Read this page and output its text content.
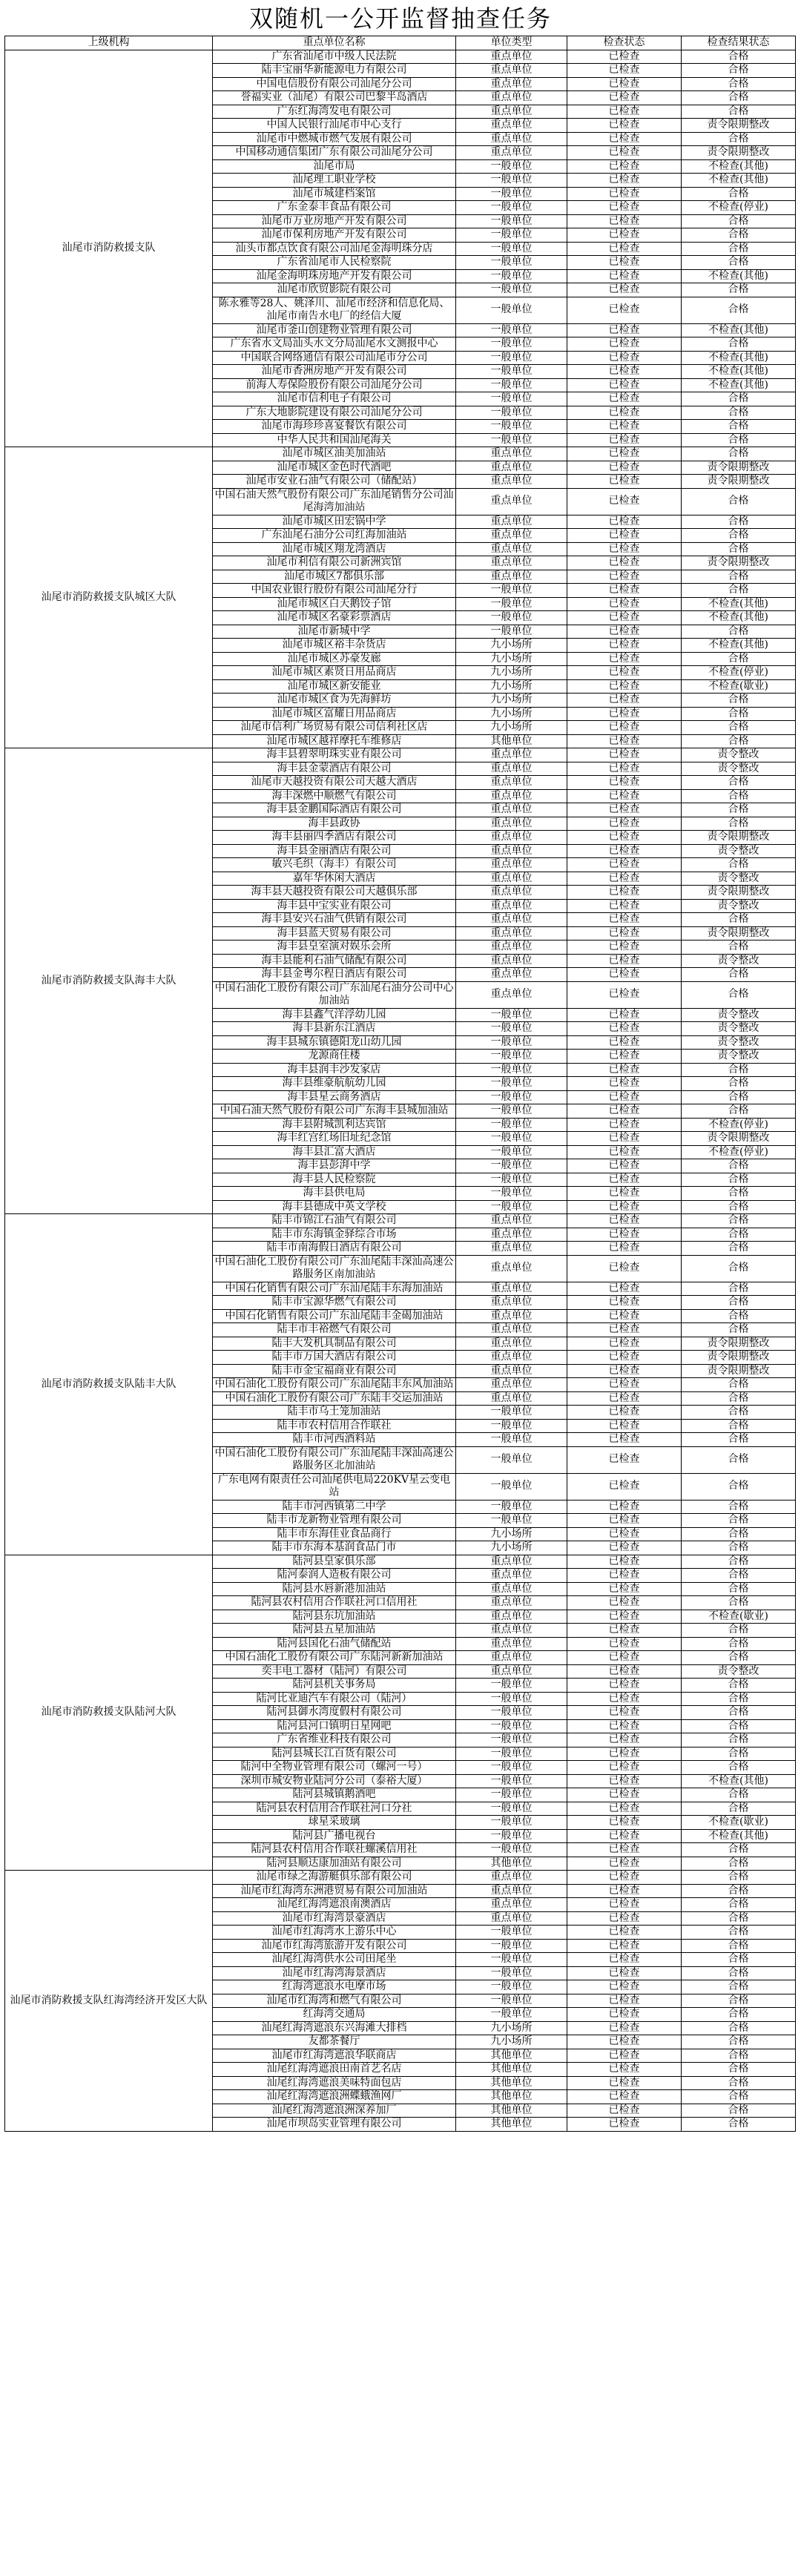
双随机一公开监督抽查任务
上级机构	重点单位名称	单位类型	检查状态	检查结果状态
汕尾市消防救援支队	广东省汕尾市中级人民法院	重点单位	已检查	合格
	陆丰宝丽华新能源电力有限公司	重点单位	已检查	合格
	中国电信股份有限公司汕尾分公司	重点单位	已检查	合格
	誉福实业（汕尾）有限公司巴黎半岛酒店	重点单位	已检查	合格
	广东红海湾发电有限公司	重点单位	已检查	合格
	中国人民银行汕尾市中心支行	重点单位	已检查	责令限期整改
	汕尾市中燃城市燃气发展有限公司	重点单位	已检查	合格
	中国移动通信集团广东有限公司汕尾分公司	重点单位	已检查	责令限期整改
	汕尾市局	一般单位	已检查	不检查(其他)
	汕尾理工职业学校	一般单位	已检查	不检查(其他)
	汕尾市城建档案馆	一般单位	已检查	合格
	广东金泰丰食品有限公司	一般单位	已检查	不检查(停业)
	汕尾市万业房地产开发有限公司	一般单位	已检查	合格
	汕尾市保利房地产开发有限公司	一般单位	已检查	合格
	汕头市都点饮食有限公司汕尾金海明珠分店	一般单位	已检查	合格
	广东省汕尾市人民检察院	一般单位	已检查	合格
	汕尾金海明珠房地产开发有限公司	一般单位	已检查	不检查(其他)
	汕尾市欣贸影院有限公司	一般单位	已检查	合格
	陈永雅等28人、姚泽川、汕尾市经济和信息化局、汕尾市南告水电厂的经信大厦	一般单位	已检查	合格
	汕尾市釜山创建物业管理有限公司	一般单位	已检查	不检查(其他)
	广东省水文局汕头水文分局汕尾水文测报中心	一般单位	已检查	合格
	中国联合网络通信有限公司汕尾市分公司	一般单位	已检查	不检查(其他)
	汕尾市香洲房地产开发有限公司	一般单位	已检查	不检查(其他)
	前海人寿保险股份有限公司汕尾分公司	一般单位	已检查	不检查(其他)
	汕尾市信利电子有限公司	一般单位	已检查	合格
	广东大地影院建设有限公司汕尾分公司	一般单位	已检查	合格
	汕尾市海珍珍喜宴餐饮有限公司	一般单位	已检查	合格
	中华人民共和国汕尾海关	一般单位	已检查	合格
汕尾市消防救援支队城区大队	汕尾市城区油美加油站	重点单位	已检查	合格
	汕尾市城区金色时代酒吧	重点单位	已检查	责令限期整改
	汕尾市安业石油气有限公司（储配站）	重点单位	已检查	责令限期整改
	中国石油天然气股份有限公司广东汕尾销售分公司汕尾海湾加油站	重点单位	已检查	合格
	汕尾市城区田宏锅中学	重点单位	已检查	合格
	广东汕尾石油分公司红海加油站	重点单位	已检查	合格
	汕尾市城区翔龙湾酒店	重点单位	已检查	合格
	汕尾市利信有限公司新洲宾馆	重点单位	已检查	责令限期整改
	汕尾市城区7都俱乐部	重点单位	已检查	合格
	中国农业银行股份有限公司汕尾分行	一般单位	已检查	合格
	汕尾市城区白天鹅饺子馆	一般单位	已检查	不检查(其他)
	汕尾市城区名豪彩票酒店	一般单位	已检查	不检查(其他)
	汕尾市新城中学	一般单位	已检查	合格
	汕尾市城区裕丰杂货店	九小场所	已检查	不检查(其他)
	汕尾市城区苏豪发廊	九小场所	已检查	合格
	汕尾市城区素贤日用品商店	九小场所	已检查	不检查(停业)
	汕尾市城区新安能业	九小场所	已检查	不检查(歇业)
	汕尾市城区食为先海鲜坊	九小场所	已检查	合格
	汕尾市城区富耀日用品商店	九小场所	已检查	合格
	汕尾市信利广场贸易有限公司信利社区店	九小场所	已检查	合格
	汕尾市城区越祥摩托车维修店	其他单位	已检查	合格
汕尾市消防救援支队海丰大队	海丰县碧翠明珠实业有限公司	重点单位	已检查	责令整改
	海丰县金蒙酒店有限公司	重点单位	已检查	责令整改
	汕尾市天越投资有限公司天越大酒店	重点单位	已检查	合格
	海丰深燃中顺燃气有限公司	重点单位	已检查	合格
	海丰县金鹏国际酒店有限公司	重点单位	已检查	合格
	海丰县政协	重点单位	已检查	合格
	海丰县丽四季酒店有限公司	重点单位	已检查	责令限期整改
	海丰县金丽酒店有限公司	重点单位	已检查	责令整改
	敏兴毛织（海丰）有限公司	重点单位	已检查	合格
	嘉年华休闲大酒店	重点单位	已检查	责令整改
	海丰县天越投资有限公司天越俱乐部	重点单位	已检查	责令限期整改
	海丰县中宝实业有限公司	重点单位	已检查	责令整改
	海丰县安兴石油气供销有限公司	重点单位	已检查	合格
	海丰县蓝天贸易有限公司	重点单位	已检查	责令限期整改
	海丰县皇室演对娱乐会所	重点单位	已检查	合格
	海丰县能利石油气储配有限公司	重点单位	已检查	责令整改
	海丰县金粤尔程日酒店有限公司	重点单位	已检查	合格
	中国石油化工股份有限公司广东汕尾石油分公司中心加油站	重点单位	已检查	合格
	海丰县鑫气洋浮幼儿园	一般单位	已检查	责令整改
	海丰县新东江酒店	一般单位	已检查	责令整改
	海丰县城东镇德阳龙山幼儿园	一般单位	已检查	责令整改
	龙源商住楼	一般单位	已检查	责令整改
	海丰县润丰沙发家店	一般单位	已检查	合格
	海丰县维豪航航幼儿园	一般单位	已检查	合格
	海丰县星云商务酒店	一般单位	已检查	合格
	中国石油天然气股份有限公司广东海丰县城加油站	一般单位	已检查	合格
	海丰县附城凯利达宾馆	一般单位	已检查	不检查(停业)
	海丰红宫红场旧址纪念馆	一般单位	已检查	责令限期整改
	海丰县汇富大酒店	一般单位	已检查	不检查(停业)
	海丰县彭湃中学	一般单位	已检查	合格
	海丰县人民检察院	一般单位	已检查	合格
	海丰县供电局	一般单位	已检查	合格
	海丰县德成中英文学校	一般单位	已检查	合格
汕尾市消防救援支队陆丰大队	陆丰市锦江石油气有限公司	重点单位	已检查	合格
	陆丰市东海镇金驿综合市场	重点单位	已检查	合格
	陆丰市南海假日酒店有限公司	重点单位	已检查	合格
	中国石油化工股份有限公司广东汕尾陆丰深汕高速公路服务区南加油站	重点单位	已检查	合格
	中国石化销售有限公司广东汕尾陆丰东海加油站	重点单位	已检查	合格
	陆丰市宝源华燃气有限公司	重点单位	已检查	合格
	中国石化销售有限公司广东汕尾陆丰金碣加油站	重点单位	已检查	合格
	陆丰市丰裕燃气有限公司	重点单位	已检查	合格
	陆丰大发机具制品有限公司	重点单位	已检查	责令限期整改
	陆丰市万国大酒店有限公司	重点单位	已检查	责令限期整改
	陆丰市金宝福商业有限公司	重点单位	已检查	责令限期整改
	中国石油化工股份有限公司广东汕尾陆丰东风加油站	重点单位	已检查	合格
	中国石油化工股份有限公司广东陆丰交运加油站	重点单位	已检查	合格
	陆丰市乌土笼加油站	一般单位	已检查	合格
	陆丰市农村信用合作联社	一般单位	已检查	合格
	陆丰市河西酒料站	一般单位	已检查	合格
	中国石油化工股份有限公司广东汕尾陆丰深汕高速公路服务区北加油站	一般单位	已检查	合格
	广东电网有限责任公司汕尾供电局220KV星云变电站	一般单位	已检查	合格
	陆丰市河西镇第二中学	一般单位	已检查	合格
	陆丰市龙新物业管理有限公司	一般单位	已检查	合格
	陆丰市东海佳业食品商行	九小场所	已检查	合格
	陆丰市东海本基润食品门市	九小场所	已检查	合格
汕尾市消防救援支队陆河大队	陆河县皇家俱乐部	重点单位	已检查	合格
	陆河泰润人造板有限公司	重点单位	已检查	合格
	陆河县水唇新港加油站	重点单位	已检查	合格
	陆河县农村信用合作联社河口信用社	重点单位	已检查	合格
	陆河县东坑加油站	重点单位	已检查	不检查(歇业)
	陆河县五星加油站	重点单位	已检查	合格
	陆河县国化石油气储配站	重点单位	已检查	合格
	中国石油化工股份有限公司广东陆河新新加油站	重点单位	已检查	合格
	奕丰电工器材（陆河）有限公司	重点单位	已检查	责令整改
	陆河县机关事务局	一般单位	已检查	合格
	陆河比亚迪汽车有限公司（陆河）	一般单位	已检查	合格
	陆河县御水湾度假村有限公司	一般单位	已检查	合格
	陆河县河口镇明日星网吧	一般单位	已检查	合格
	广东省维业科技有限公司	一般单位	已检查	合格
	陆河县城长江百货有限公司	一般单位	已检查	合格
	陆河中全物业管理有限公司（螺河一号）	一般单位	已检查	合格
	深圳市城安物业陆河分公司（泰裕大厦）	一般单位	已检查	不检查(其他)
	陆河县城镇鹅酒吧	一般单位	已检查	合格
	陆河县农村信用合作联社河口分社	一般单位	已检查	合格
	球星采玻璃	一般单位	已检查	不检查(歇业)
	陆河县广播电视台	一般单位	已检查	不检查(其他)
	陆河县农村信用合作联社螺溪信用社	一般单位	已检查	合格
	陆河县顺达康加油站有限公司	其他单位	已检查	合格
汕尾市消防救援支队红海湾经济开发区大队	汕尾市绿之海游艇俱乐部有限公司	重点单位	已检查	合格
	汕尾市红海湾东洲港贸易有限公司加油站	重点单位	已检查	合格
	汕尾红海湾遮浪南澳酒店	重点单位	已检查	合格
	汕尾市红海湾景豪酒店	重点单位	已检查	合格
	汕尾市红海湾水上游乐中心	一般单位	已检查	合格
	汕尾市红海湾旅游开发有限公司	一般单位	已检查	合格
	汕尾红海湾供水公司田尾坐	一般单位	已检查	合格
	汕尾市红海湾海景酒店	一般单位	已检查	合格
	红海湾遮浪水电摩市场	一般单位	已检查	合格
	汕尾市红海湾和燃气有限公司	一般单位	已检查	合格
	红海湾交通局	一般单位	已检查	合格
	汕尾红海湾遮浪东兴海滩大排档	九小场所	已检查	合格
	友都茶餐厅	九小场所	已检查	合格
	汕尾市红海湾遮浪华联商店	其他单位	已检查	合格
	汕尾红海湾遮浪田南首艺名店	其他单位	已检查	合格
	汕尾红海湾遮浪美味特面包店	其他单位	已检查	合格
	汕尾红海湾遮浪洲蝶蛾渔网厂	其他单位	已检查	合格
	汕尾红海湾遮浪洲深养加厂	其他单位	已检查	合格
	汕尾市坝岛实业管理有限公司	其他单位	已检查	合格
